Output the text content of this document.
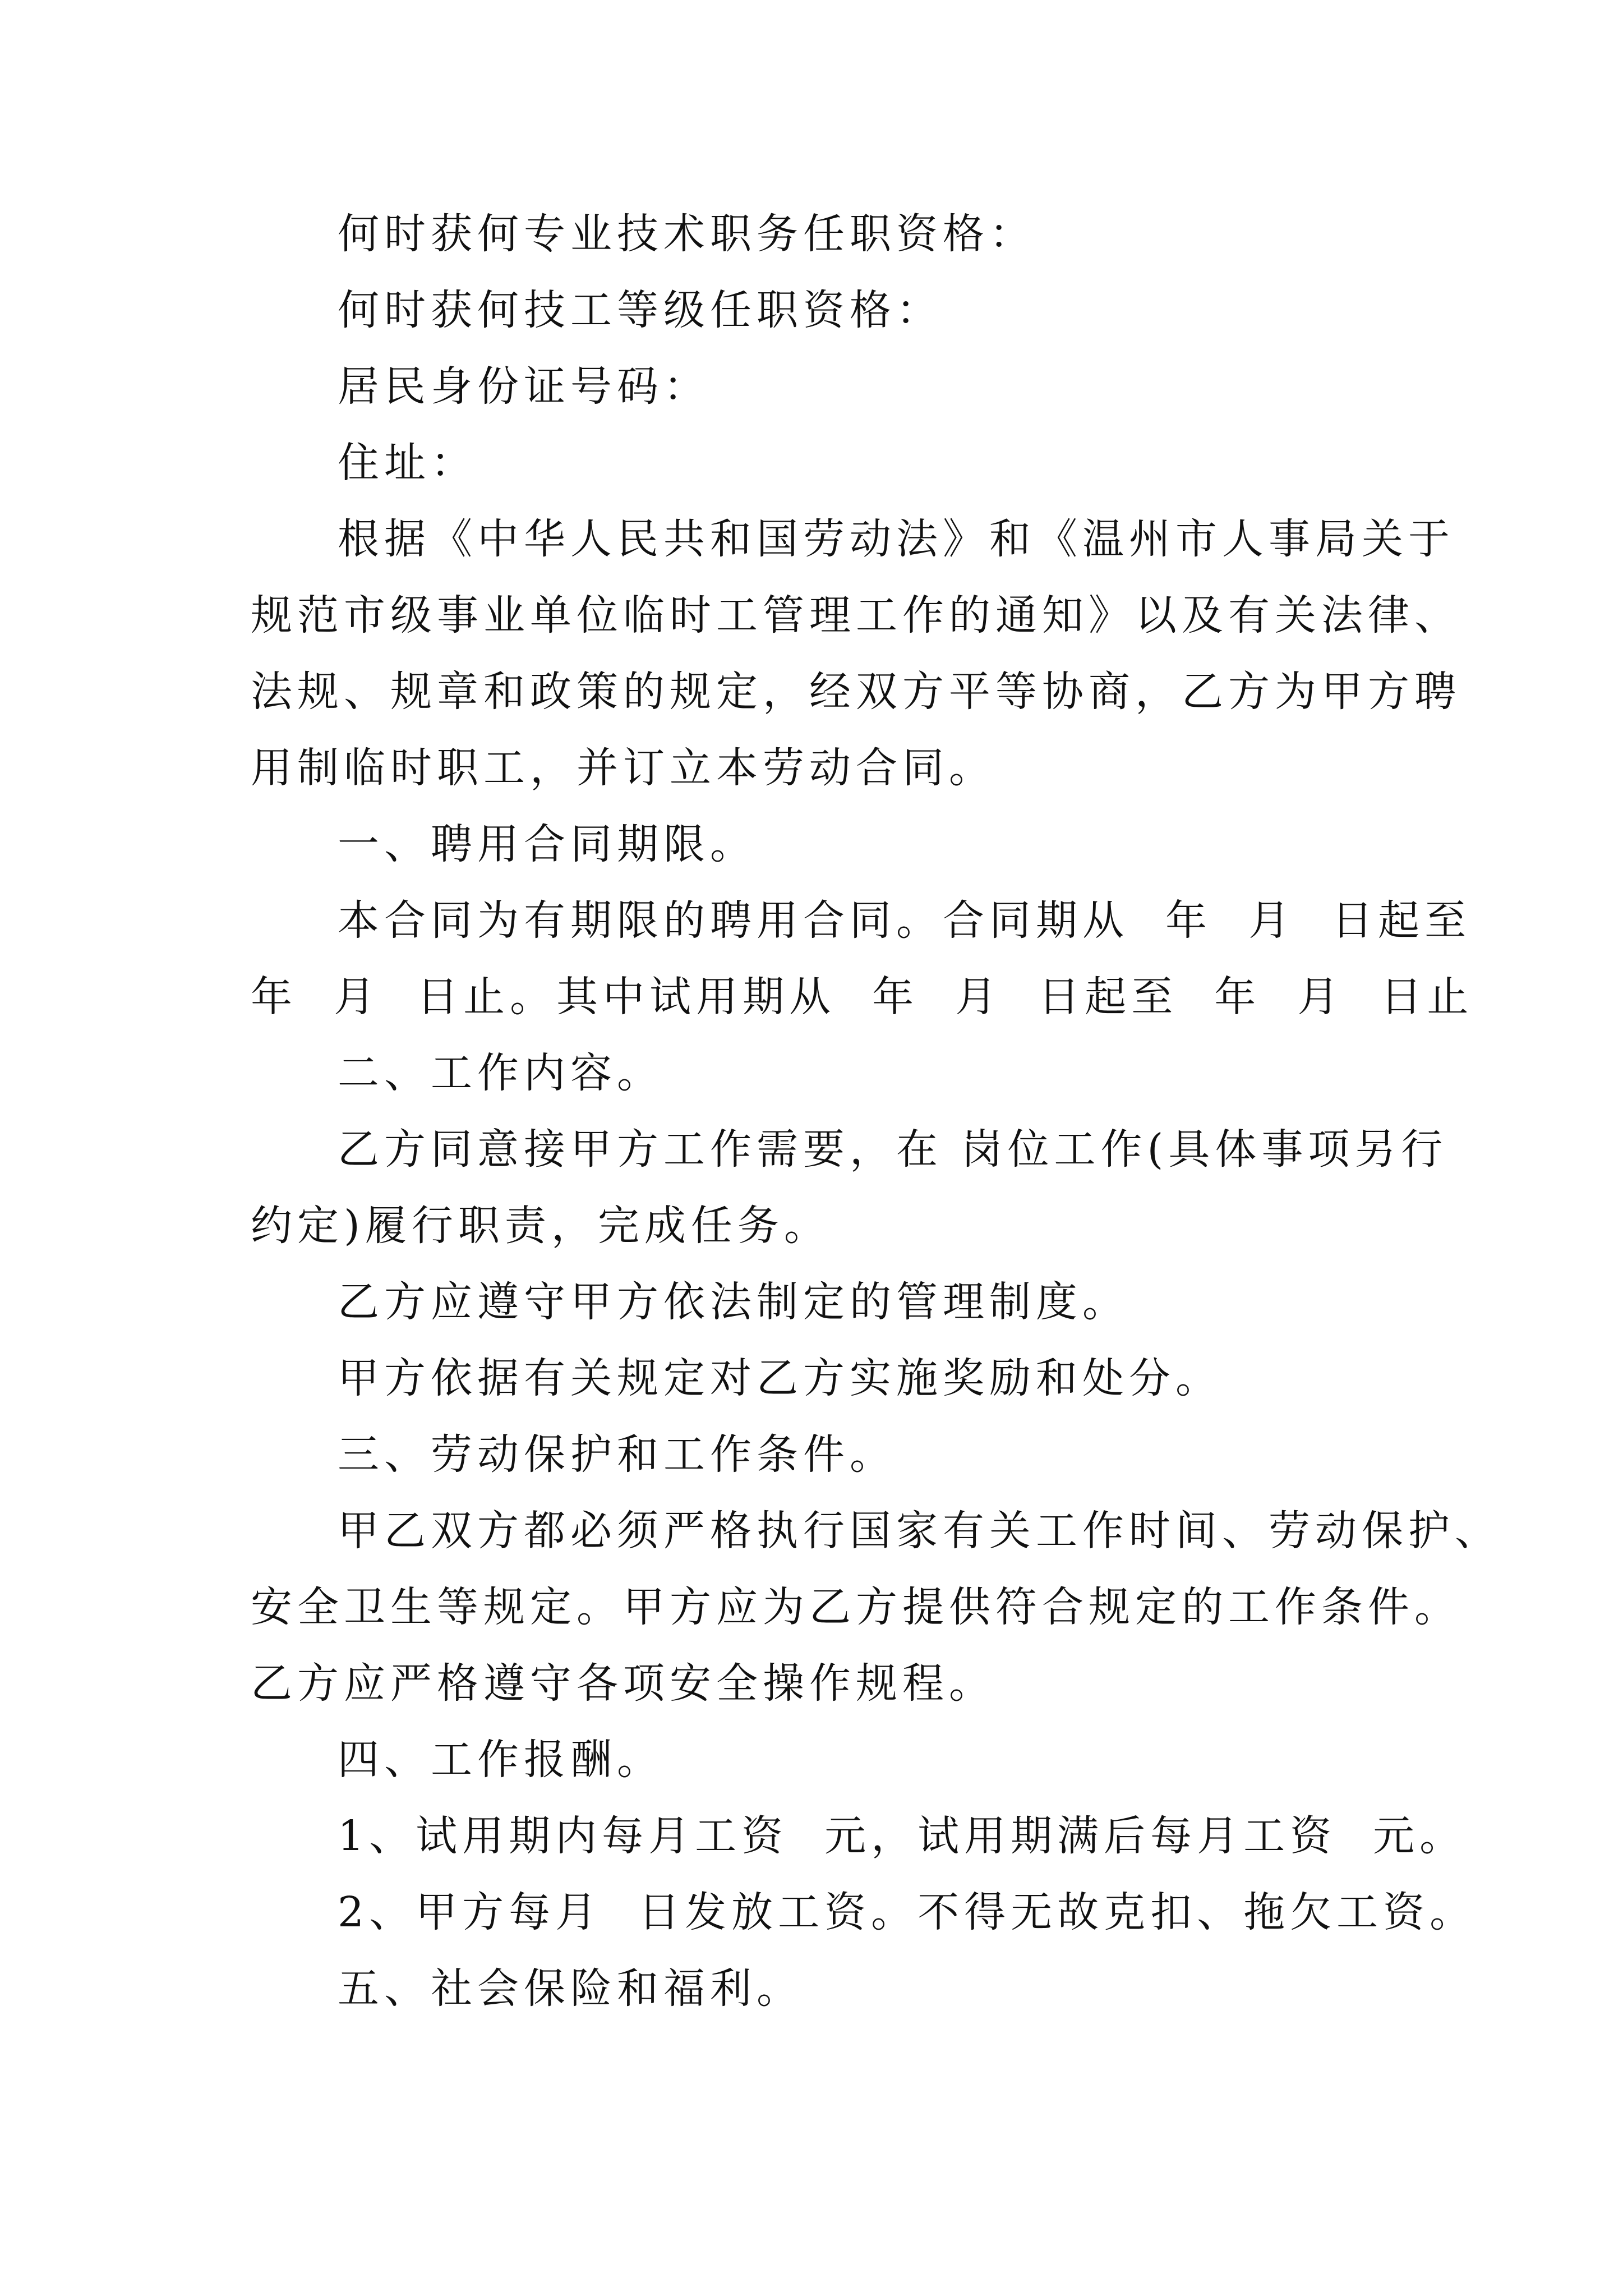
何时获何专业技术职务任职资格：
何时获何技工等级任职资格：
居民身份证号码：
住址：
根据《中华人民共和国劳动法》和《温州市人事局关于
规范市级事业单位临时工管理工作的通知》以及有关法律、
法规、规章和政策的规定，经双方平等协商，乙方为甲方聘
用制临时职工，并订立本劳动合同。
一、聘用合同期限。
本合同为有期限的聘用合同。合同期从  年  月  日起至
年  月  日止。其中试用期从  年  月  日起至  年  月  日止
二、工作内容。
乙方同意接甲方工作需要，在 岗位工作(具体事项另行
约定)履行职责，完成任务。
乙方应遵守甲方依法制定的管理制度。
甲方依据有关规定对乙方实施奖励和处分。
三、劳动保护和工作条件。
甲乙双方都必须严格执行国家有关工作时间、劳动保护、
安全卫生等规定。甲方应为乙方提供符合规定的工作条件。
乙方应严格遵守各项安全操作规程。
四、工作报酬。
1、试用期内每月工资  元，试用期满后每月工资  元。
2、甲方每月  日发放工资。不得无故克扣、拖欠工资。
五、社会保险和福利。
